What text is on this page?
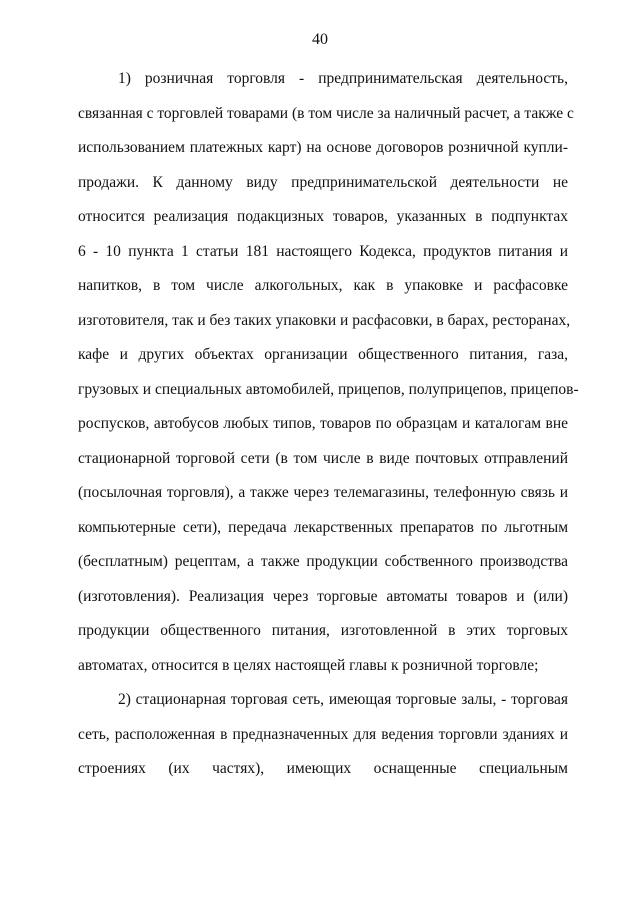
40
1) розничная торговля - предпринимательская деятельность,
связанная с торговлей товарами (в том числе за наличный расчет, а также с
использованием платежных карт) на основе договоров розничной купли-
продажи. К данному виду предпринимательской деятельности не
относится реализация подакцизных товаров, указанных в подпунктах
6 - 10 пункта 1 статьи 181 настоящего Кодекса, продуктов питания и
напитков, в том числе алкогольных, как в упаковке и расфасовке
изготовителя, так и без таких упаковки и расфасовки, в барах, ресторанах,
кафе и других объектах организации общественного питания, газа,
грузовых и специальных автомобилей, прицепов, полуприцепов, прицепов-
роспусков, автобусов любых типов, товаров по образцам и каталогам вне
стационарной торговой сети (в том числе в виде почтовых отправлений
(посылочная торговля), а также через телемагазины, телефонную связь и
компьютерные сети), передача лекарственных препаратов по льготным
(бесплатным) рецептам, а также продукции собственного производства
(изготовления). Реализация через торговые автоматы товаров и (или)
продукции общественного питания, изготовленной в этих торговых
автоматах, относится в целях настоящей главы к розничной торговле;
2) стационарная торговая сеть, имеющая торговые залы, - торговая
сеть, расположенная в предназначенных для ведения торговли зданиях и
строениях (их частях), имеющих оснащенные специальным
